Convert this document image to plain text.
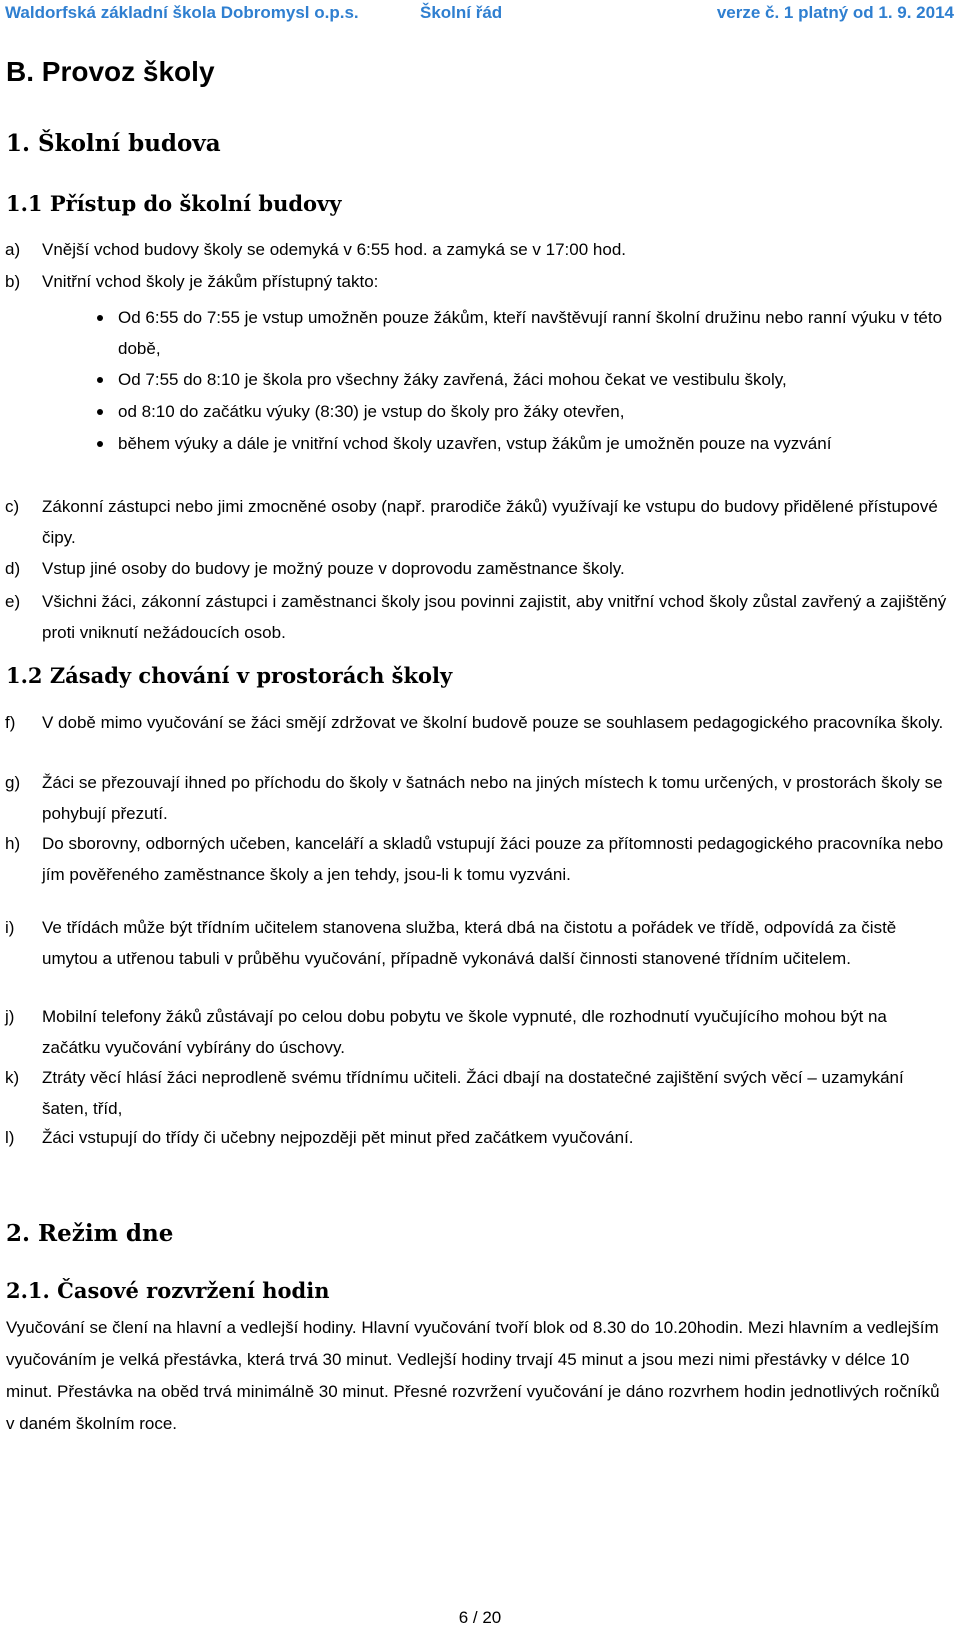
Waldorfská základní škola Dobromysl o.p.s.	Školní řád	verze č. 1 platný od 1. 9. 2014
B. Provoz školy
1. Školní budova
1.1 Přístup do školní budovy
a) Vnější vchod budovy školy se odemyká v 6:55 hod. a zamyká se v 17:00 hod.
b) Vnitřní vchod školy je žákům přístupný takto:
Od 6:55 do 7:55 je vstup umožněn pouze žákům, kteří navštěvují ranní školní družinu nebo ranní výuku v této době,
Od 7:55 do 8:10 je škola pro všechny žáky zavřená, žáci mohou čekat ve vestibulu školy,
od 8:10 do začátku výuky (8:30) je vstup do školy pro žáky otevřen,
během výuky a dále je vnitřní vchod školy uzavřen, vstup žákům je umožněn pouze na vyzvání
c) Zákonní zástupci nebo jimi zmocněné osoby (např. prarodiče žáků) využívají ke vstupu do budovy přidělené přístupové čipy.
d) Vstup jiné osoby do budovy je možný pouze v doprovodu zaměstnance školy.
e) Všichni žáci, zákonní zástupci i zaměstnanci školy jsou povinni zajistit, aby vnitřní vchod školy zůstal zavřený a zajištěný proti vniknutí nežádoucích osob.
1.2 Zásady chování v prostorách školy
f) V době mimo vyučování se žáci smějí zdržovat ve školní budově pouze se souhlasem pedagogického pracovníka školy.
g) Žáci se přezouvají ihned po příchodu do školy v šatnách nebo na jiných místech k tomu určených, v prostorách školy se pohybují přezutí.
h) Do sborovny, odborných učeben, kanceláří a skladů vstupují žáci pouze za přítomnosti pedagogického pracovníka nebo jím pověřeného zaměstnance školy a jen tehdy, jsou-li k tomu vyzváni.
i) Ve třídách může být třídním učitelem stanovena služba, která dbá na čistotu a pořádek ve třídě, odpovídá za čistě umytou a utřenou tabuli v průběhu vyučování, případně vykonává další činnosti stanovené třídním učitelem.
j) Mobilní telefony žáků zůstávají po celou dobu pobytu ve škole vypnuté, dle rozhodnutí vyučujícího mohou být na začátku vyučování vybírány do úschovy.
k) Ztráty věcí hlásí žáci neprodleně svému třídnímu učiteli. Žáci dbají na dostatečné zajištění svých věcí – uzamykání šaten, tříd,
l) Žáci vstupují do třídy či učebny nejpozději pět minut před začátkem vyučování.
2. Režim dne
2.1. Časové rozvržení hodin

Vyučování se člení na hlavní a vedlejší hodiny. Hlavní vyučování tvoří blok od 8.30 do 10.20hodin. Mezi hlavním a vedlejším vyučováním je velká přestávka, která trvá 30 minut. Vedlejší hodiny trvají 45 minut a jsou mezi nimi přestávky v délce 10 minut. Přestávka na oběd trvá minimálně 30 minut. Přesné rozvržení vyučování je dáno rozvrhem hodin jednotlivých ročníků v daném školním roce.

6 / 20
